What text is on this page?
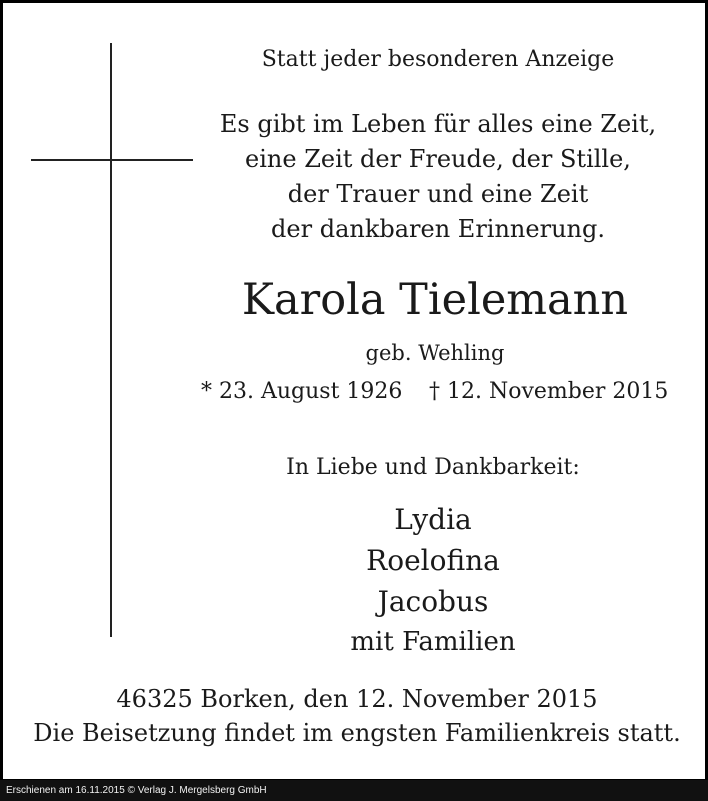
Statt jeder besonderen Anzeige
Es gibt im Leben für alles eine Zeit,
eine Zeit der Freude, der Stille,
der Trauer und eine Zeit
der dankbaren Erinnerung.
Karola Tielemann
geb. Wehling
* 23. August 1926	† 12. November 2015
In Liebe und Dankbarkeit:
Lydia
Roelofina
Jacobus
mit Familien
46325 Borken, den 12. November 2015
Die Beisetzung findet im engsten Familienkreis statt.
Erschienen am 16.11.2015 © Verlag J. Mergelsberg GmbH
